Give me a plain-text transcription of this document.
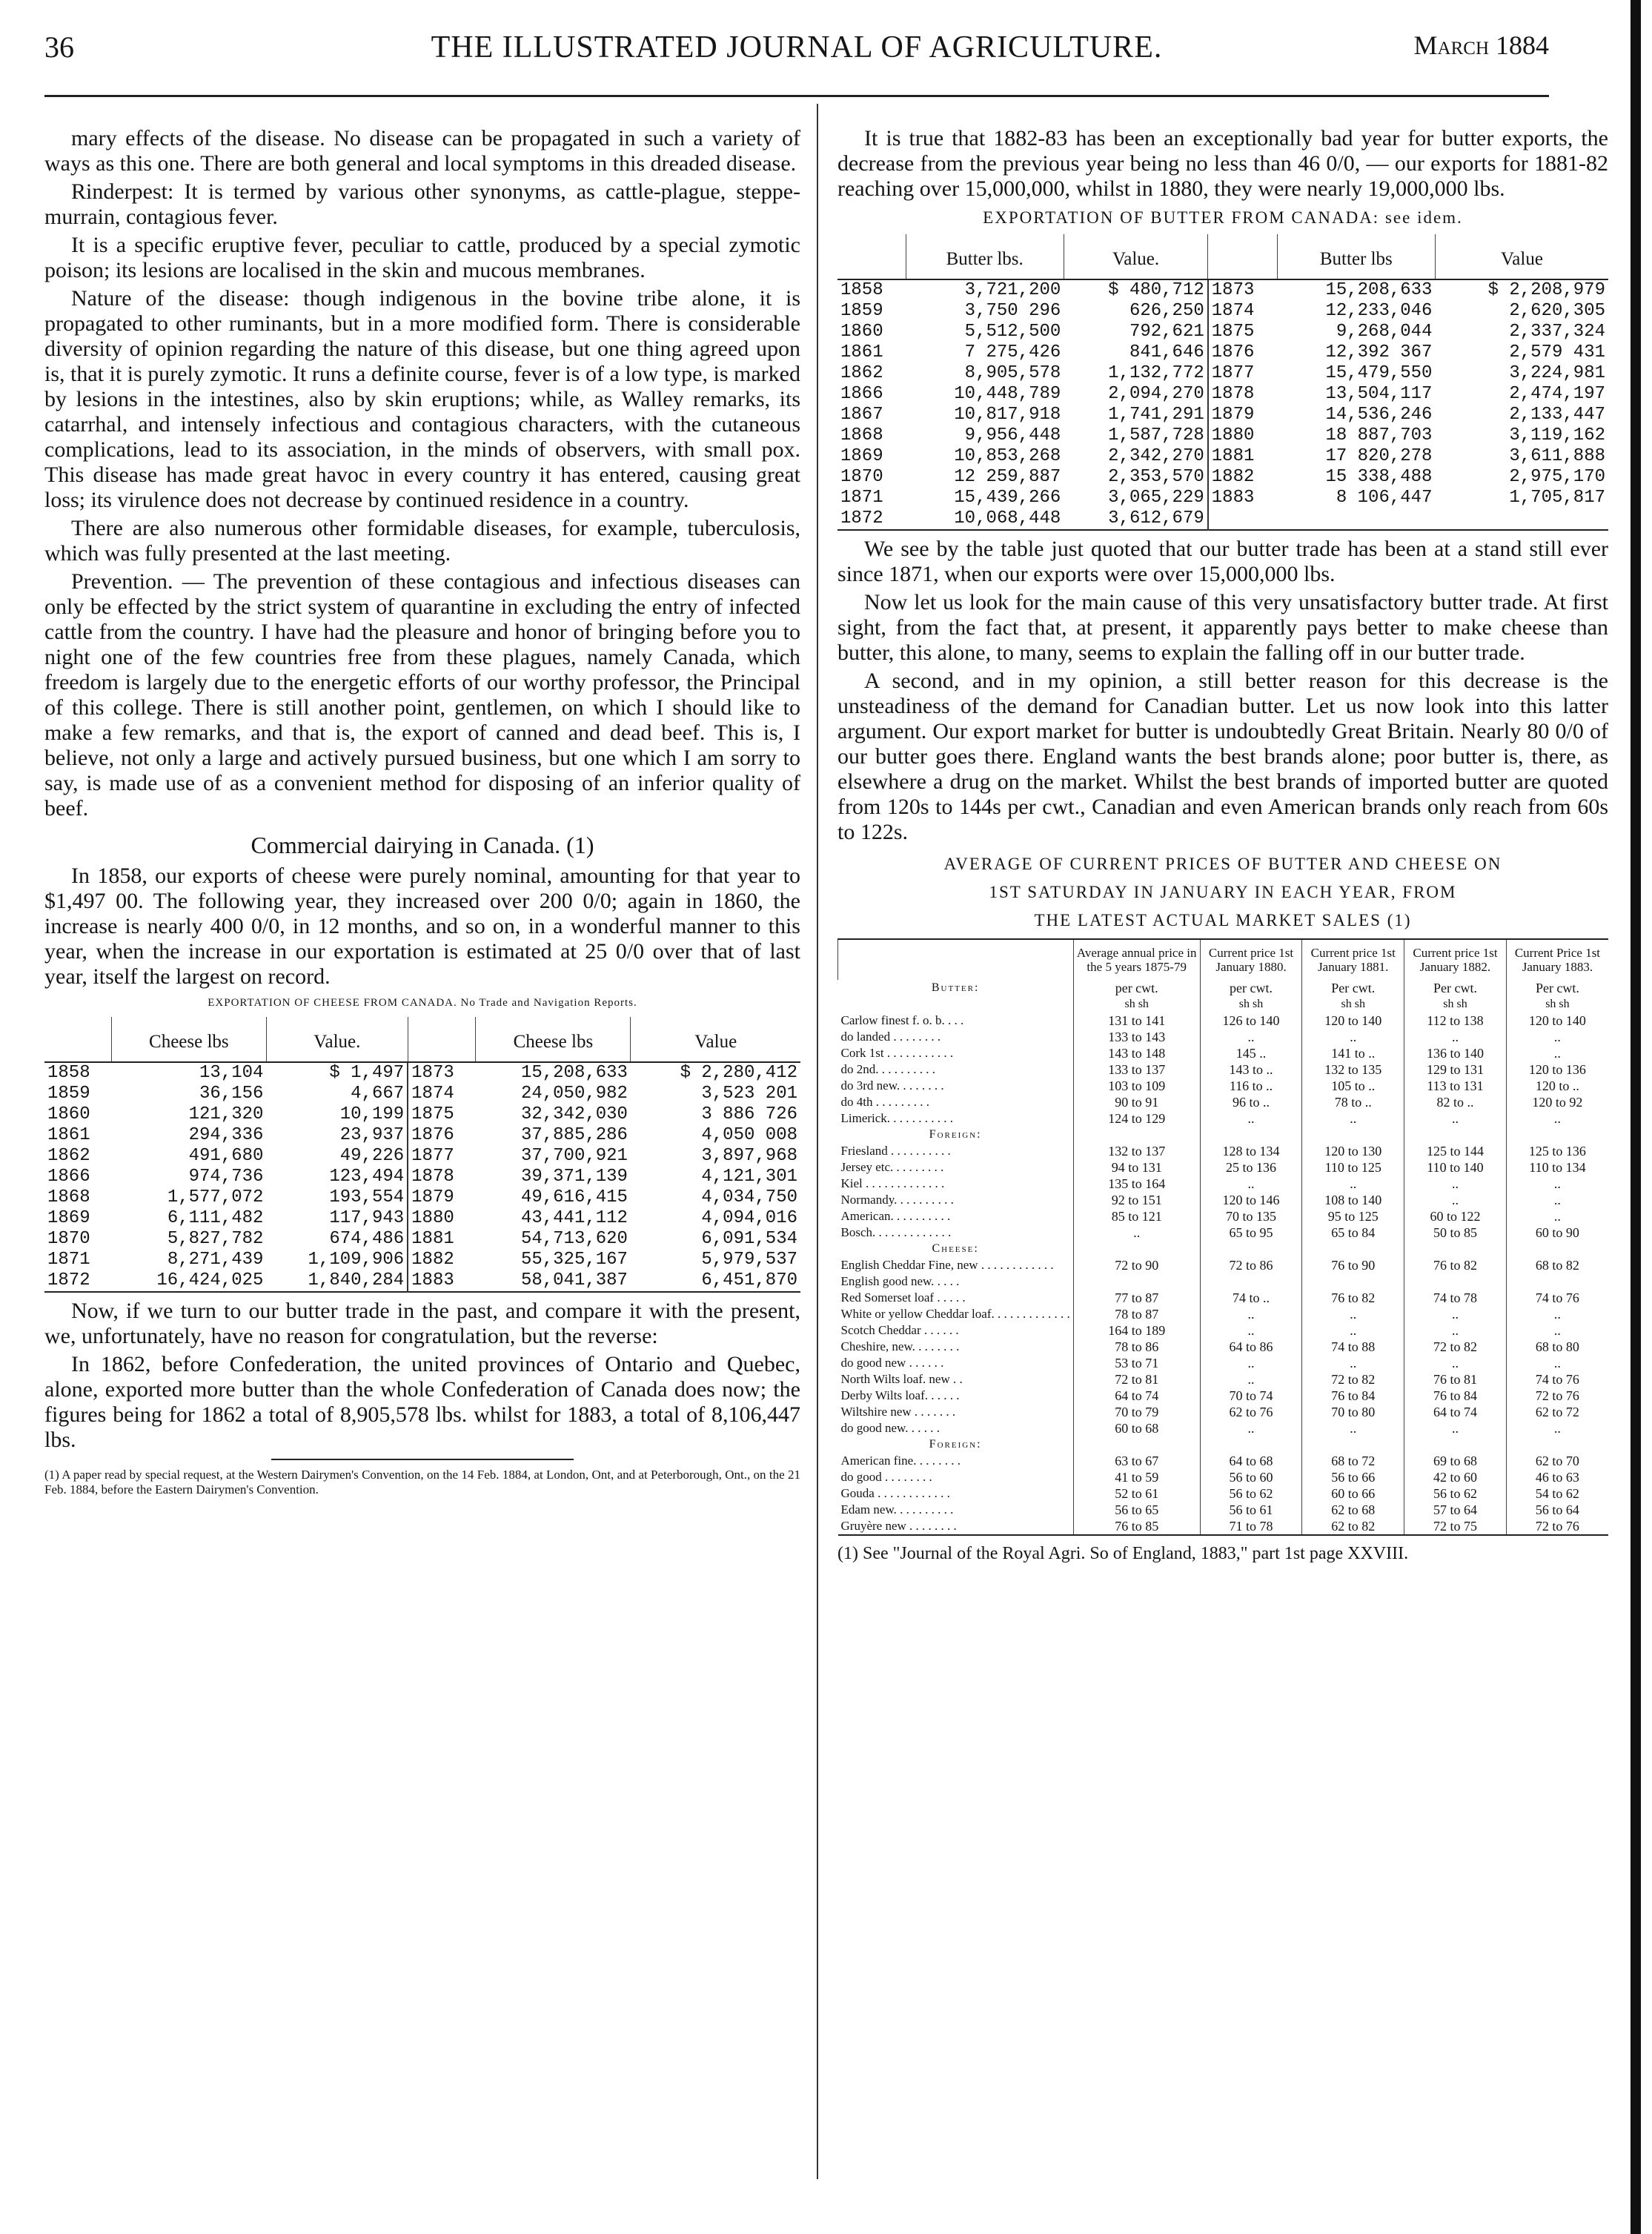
36	THE ILLUSTRATED JOURNAL OF AGRICULTURE.	March 1884

mary effects of the disease. No disease can be propagated in such a variety of ways as this one. There are both general and local symptoms in this dreaded disease.

Rinderpest: It is termed by various other synonyms, as cattle-plague, steppe-murrain, contagious fever.

It is a specific eruptive fever, peculiar to cattle, produced by a special zymotic poison; its lesions are localised in the skin and mucous membranes.

Nature of the disease: though indigenous in the bovine tribe alone, it is propagated to other ruminants, but in a more modified form. There is considerable diversity of opinion regarding the nature of this disease, but one thing agreed upon is, that it is purely zymotic. It runs a definite course, fever is of a low type, is marked by lesions in the intestines, also by skin eruptions; while, as Walley remarks, its catarrhal, and intensely infectious and contagious characters, with the cutaneous complications, lead to its association, in the minds of observers, with small pox. This disease has made great havoc in every country it has entered, causing great loss; its virulence does not decrease by continued residence in a country.

There are also numerous other formidable diseases, for example, tuberculosis, which was fully presented at the last meeting.

Prevention. — The prevention of these contagious and infectious diseases can only be effected by the strict system of quarantine in excluding the entry of infected cattle from the country. I have had the pleasure and honor of bringing before you to night one of the few countries free from these plagues, namely Canada, which freedom is largely due to the energetic efforts of our worthy professor, the Principal of this college. There is still another point, gentlemen, on which I should like to make a few remarks, and that is, the export of canned and dead beef. This is, I believe, not only a large and actively pursued business, but one which I am sorry to say, is made use of as a convenient method for disposing of an inferior quality of beef.

Commercial dairying in Canada. (1)

In 1858, our exports of cheese were purely nominal, amounting for that year to $1,497 00. The following year, they increased over 200 0/0; again in 1860, the increase is nearly 400 0/0, in 12 months, and so on, in a wonderful manner to this year, when the increase in our exportation is estimated at 25 0/0 over that of last year, itself the largest on record.

EXPORTATION OF CHEESE FROM CANADA. No Trade and Navigation Reports.
	Cheese lbs	Value.		Cheese lbs	Value
1858	13,104	$ 1,497	1873	15,208,633	$ 2,280,412
1859	36,156	4,667	1874	24,050,982	3,523 201
1860	121,320	10,199	1875	32,342,030	3 886 726
1861	294,336	23,937	1876	37,885,286	4,050 008
1862	491,680	49,226	1877	37,700,921	3,897,968
1866	974,736	123,494	1878	39,371,139	4,121,301
1868	1,577,072	193,554	1879	49,616,415	4,034,750
1869	6,111,482	117,943	1880	43,441,112	4,094,016
1870	5,827,782	674,486	1881	54,713,620	6,091,534
1871	8,271,439	1,109,906	1882	55,325,167	5,979,537
1872	16,424,025	1,840,284	1883	58,041,387	6,451,870

Now, if we turn to our butter trade in the past, and compare it with the present, we, unfortunately, have no reason for congratulation, but the reverse:

In 1862, before Confederation, the united provinces of Ontario and Quebec, alone, exported more butter than the whole Confederation of Canada does now; the figures being for 1862 a total of 8,905,578 lbs. whilst for 1883, a total of 8,106,447 lbs.

(1) A paper read by special request, at the Western Dairymen's Convention, on the 14 Feb. 1884, at London, Ont, and at Peterborough, Ont., on the 21 Feb. 1884, before the Eastern Dairymen's Convention.

It is true that 1882-83 has been an exceptionally bad year for butter exports, the decrease from the previous year being no less than 46 0/0, — our exports for 1881-82 reaching over 15,000,000, whilst in 1880, they were nearly 19,000,000 lbs.

EXPORTATION OF BUTTER FROM CANADA: see idem.
	Butter lbs.	Value.		Butter lbs	Value
1858	3,721,200	$ 480,712	1873	15,208,633	$ 2,208,979
1859	3,750 296	626,250	1874	12,233,046	2,620,305
1860	5,512,500	792,621	1875	9,268,044	2,337,324
1861	7 275,426	841,646	1876	12,392 367	2,579 431
1862	8,905,578	1,132,772	1877	15,479,550	3,224,981
1866	10,448,789	2,094,270	1878	13,504,117	2,474,197
1867	10,817,918	1,741,291	1879	14,536,246	2,133,447
1868	9,956,448	1,587,728	1880	18 887,703	3,119,162
1869	10,853,268	2,342,270	1881	17 820,278	3,611,888
1870	12 259,887	2,353,570	1882	15 338,488	2,975,170
1871	15,439,266	3,065,229	1883	8 106,447	1,705,817
1872	10,068,448	3,612,679			

We see by the table just quoted that our butter trade has been at a stand still ever since 1871, when our exports were over 15,000,000 lbs.

Now let us look for the main cause of this very unsatisfactory butter trade. At first sight, from the fact that, at present, it apparently pays better to make cheese than butter, this alone, to many, seems to explain the falling off in our butter trade.

A second, and in my opinion, a still better reason for this decrease is the unsteadiness of the demand for Canadian butter. Let us now look into this latter argument. Our export market for butter is undoubtedly Great Britain. Nearly 80 0/0 of our butter goes there. England wants the best brands alone; poor butter is, there, as elsewhere a drug on the market. Whilst the best brands of imported butter are quoted from 120s to 144s per cwt., Canadian and even American brands only reach from 60s to 122s.

AVERAGE OF CURRENT PRICES OF BUTTER AND CHEESE ON
1ST SATURDAY IN JANUARY IN EACH YEAR, FROM
THE LATEST ACTUAL MARKET SALES (1)
	Average annual price in the 5 years 1875-79	Current price 1st January 1880.	Current price 1st January 1881.	Current price 1st January 1882.	Current Price 1st January 1883.
Butter:	per cwt.	per cwt.	Per cwt.	Per cwt.	Per cwt.
	sh sh	sh sh	sh sh	sh sh	sh sh
Carlow finest f. o. b. . . .	131 to 141	126 to 140	120 to 140	112 to 138	120 to 140
do landed . . . . . . . .	133 to 143	..	..	..	..
Cork 1st . . . . . . . . . . .	143 to 148	145 ..	141 to ..	136 to 140	..
do 2nd. . . . . . . . . .	133 to 137	143 to ..	132 to 135	129 to 131	120 to 136
do 3rd new. . . . . . . .	103 to 109	116 to ..	105 to ..	113 to 131	120 to ..
do 4th . . . . . . . . .	90 to 91	96 to ..	78 to ..	82 to ..	120 to 92
Limerick. . . . . . . . . . .	124 to 129	..	..	..	..
Foreign:					
Friesland . . . . . . . . . .	132 to 137	128 to 134	120 to 130	125 to 144	125 to 136
Jersey etc. . . . . . . . .	94 to 131	25 to 136	110 to 125	110 to 140	110 to 134
Kiel . . . . . . . . . . . . .	135 to 164	..	..	..	..
Normandy. . . . . . . . . .	92 to 151	120 to 146	108 to 140	..	..
American. . . . . . . . . .	85 to 121	70 to 135	95 to 125	60 to 122	..
Bosch. . . . . . . . . . . . .	..	65 to 95	65 to 84	50 to 85	60 to 90
Cheese:					
English Cheddar Fine, new . . . . . . . . . . . .	72 to 90	72 to 86	76 to 90	76 to 82	68 to 82
English good new. . . . .					
Red Somerset loaf . . . . .	77 to 87	74 to ..	76 to 82	74 to 78	74 to 76
White or yellow Cheddar loaf. . . . . . . . . . . . .	78 to 87	..	..	..	..
Scotch Cheddar . . . . . .	164 to 189	..	..	..	..
Cheshire, new. . . . . . . .	78 to 86	64 to 86	74 to 88	72 to 82	68 to 80
do good new . . . . . .	53 to 71	..	..	..	..
North Wilts loaf. new . .	72 to 81	..	72 to 82	76 to 81	74 to 76
Derby Wilts loaf. . . . . .	64 to 74	70 to 74	76 to 84	76 to 84	72 to 76
Wiltshire new . . . . . . .	70 to 79	62 to 76	70 to 80	64 to 74	62 to 72
do good new. . . . . .	60 to 68	..	..	..	..
Foreign:					
American fine. . . . . . . .	63 to 67	64 to 68	68 to 72	69 to 68	62 to 70
do good . . . . . . . .	41 to 59	56 to 60	56 to 66	42 to 60	46 to 63
Gouda . . . . . . . . . . . .	52 to 61	56 to 62	60 to 66	56 to 62	54 to 62
Edam new. . . . . . . . . .	56 to 65	56 to 61	62 to 68	57 to 64	56 to 64
Gruyère new . . . . . . . .	76 to 85	71 to 78	62 to 82	72 to 75	72 to 76
(1) See "Journal of the Royal Agri. So of England, 1883," part 1st page XXVIII.
